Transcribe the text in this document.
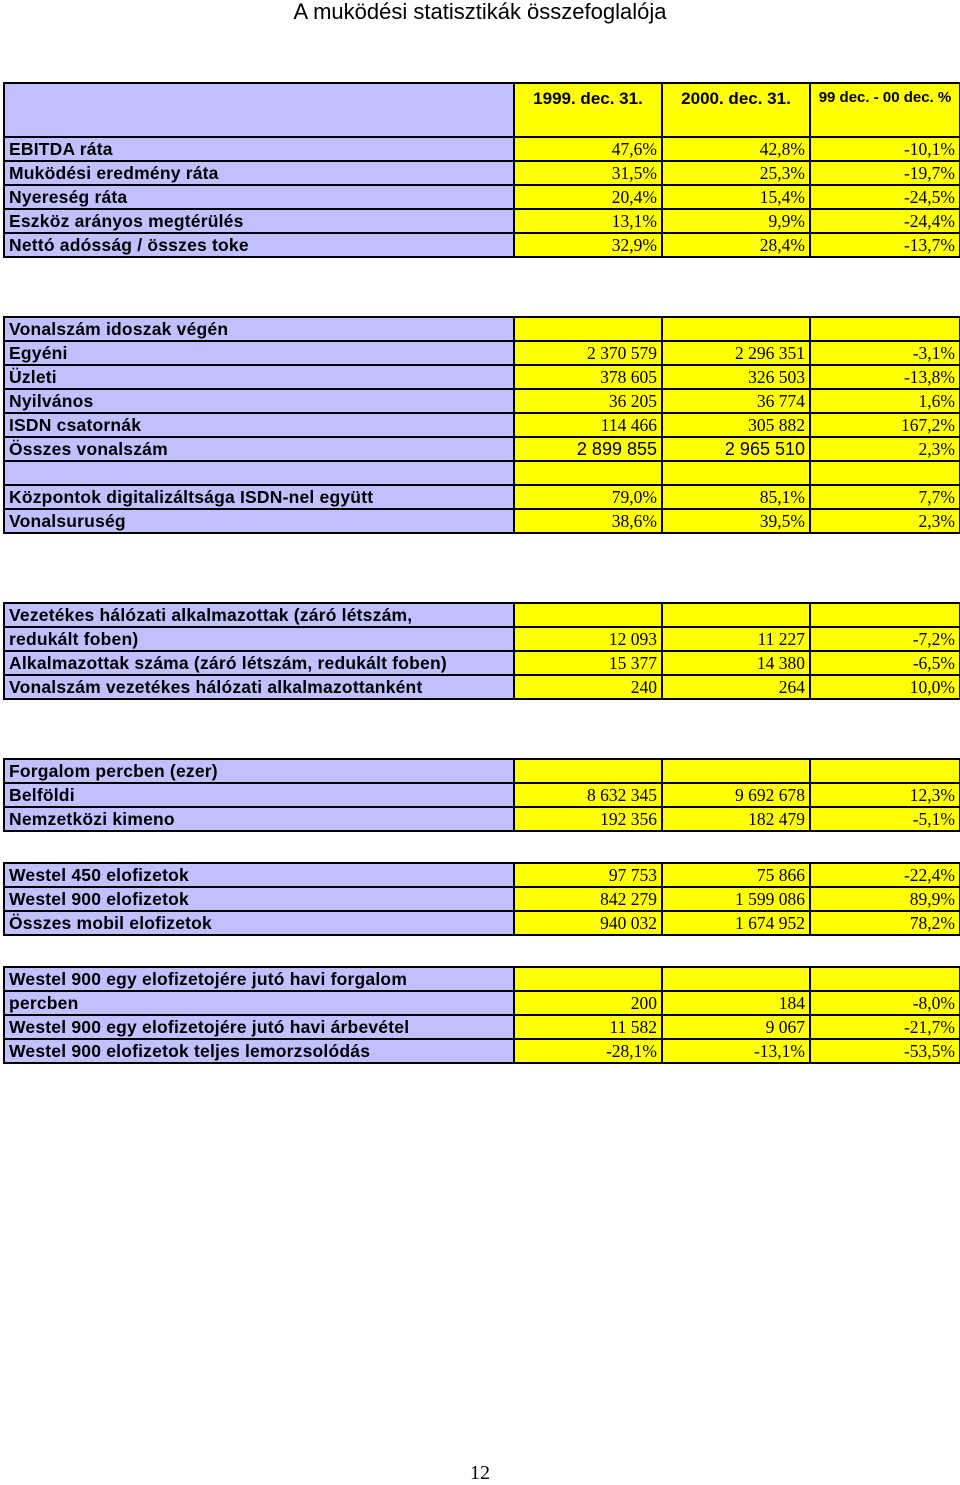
A muködési statisztikák összefoglalója
	1999. dec. 31.	2000. dec. 31.	99 dec. - 00 dec. %
EBITDA ráta	47,6%	42,8%	-10,1%
Muködési eredmény ráta	31,5%	25,3%	-19,7%
Nyereség ráta	20,4%	15,4%	-24,5%
Eszköz arányos megtérülés	13,1%	9,9%	-24,4%
Nettó adósság / összes toke	32,9%	28,4%	-13,7%
Vonalszám idoszak végén			
Egyéni	2 370 579	2 296 351	-3,1%
Üzleti	378 605	326 503	-13,8%
Nyilvános	36 205	36 774	1,6%
ISDN csatornák	114 466	305 882	167,2%
Összes vonalszám	2 899 855	2 965 510	2,3%

Központok digitalizáltsága ISDN-nel együtt	79,0%	85,1%	7,7%
Vonalsuruség	38,6%	39,5%	2,3%
Vezetékes hálózati alkalmazottak (záró létszám,			
redukált foben)	12 093	11 227	-7,2%
Alkalmazottak száma (záró létszám, redukált foben)	15 377	14 380	-6,5%
Vonalszám vezetékes hálózati alkalmazottanként	240	264	10,0%
Forgalom percben (ezer)			
Belföldi	8 632 345	9 692 678	12,3%
Nemzetközi kimeno	192 356	182 479	-5,1%
Westel 450 elofizetok	97 753	75 866	-22,4%
Westel 900 elofizetok	842 279	1 599 086	89,9%
Összes mobil elofizetok	940 032	1 674 952	78,2%
Westel 900 egy elofizetojére jutó havi forgalom			
percben	200	184	-8,0%
Westel 900 egy elofizetojére jutó havi árbevétel	11 582	9 067	-21,7%
Westel 900 elofizetok teljes lemorzsolódás	-28,1%	-13,1%	-53,5%
12
